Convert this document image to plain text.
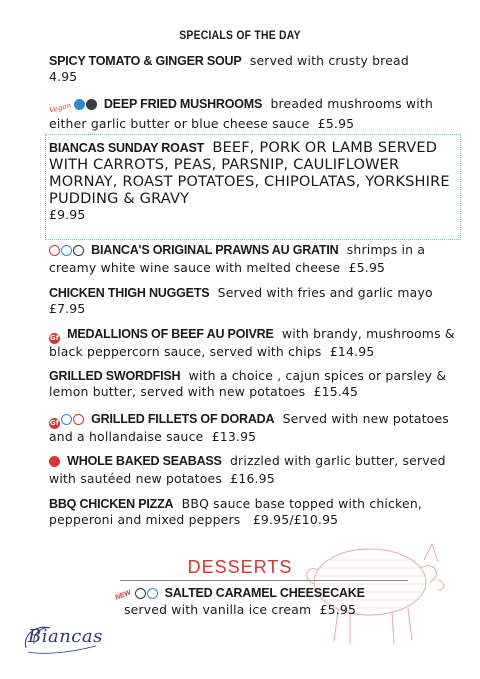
SPECIALS OF THE DAY
SPICY TOMATO & GINGER SOUP served with crusty bread
4.95
Vegan	DEEP FRIED MUSHROOMS breaded mushrooms with either garlic butter or blue cheese sauce £5.95
BIANCAS SUNDAY ROAST BEEF, PORK OR LAMB SERVED WITH CARROTS, PEAS, PARSNIP, CAULIFLOWER MORNAY, ROAST POTATOES, CHIPOLATAS, YORKSHIRE PUDDING & GRAVY
£9.95
BIANCA'S ORIGINAL PRAWNS AU GRATIN shrimps in a creamy white wine sauce with melted cheese £5.95
CHICKEN THIGH NUGGETS Served with fries and garlic mayo
£7.95
Gf MEDALLIONS OF BEEF AU POIVRE with brandy, mushrooms & black peppercorn sauce, served with chips £14.95
GRILLED SWORDFISH with a choice , cajun spices or parsley & lemon butter, served with new potatoes £15.45
Gf	GRILLED FILLETS OF DORADA Served with new potatoes and a hollandaise sauce £13.95
WHOLE BAKED SEABASS drizzled with garlic butter, served with sautéed new potatoes £16.95
BBQ CHICKEN PIZZA BBQ sauce base topped with chicken, pepperoni and mixed peppers £9.95/£10.95
DESSERTS
NEW	SALTED CARAMEL CHEESECAKE
served with vanilla ice cream £5.95
Biancas
